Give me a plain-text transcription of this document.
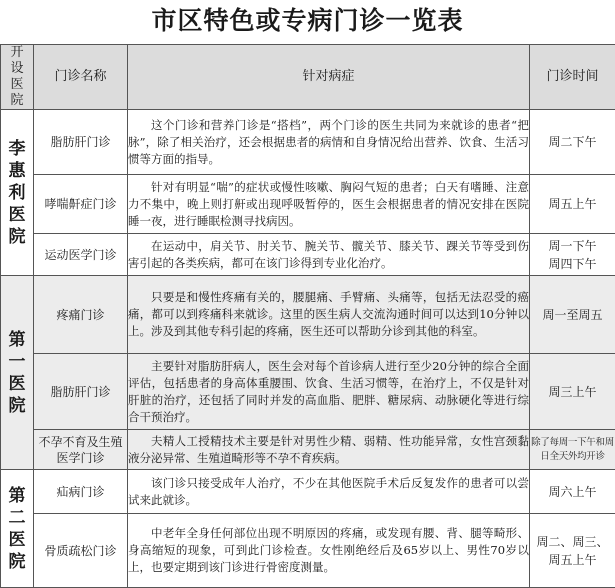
市区特色或专病门诊一览表
开设医院	门诊名称	针对病症	门诊时间
李惠利医院	脂肪肝门诊	这个门诊和营养门诊是“搭档”，两个门诊的医生共同为来就诊的患者“把脉”，除了相关治疗，还会根据患者的病情和自身情况给出营养、饮食、生活习惯等方面的指导。	周二下午
	哮喘鼾症门诊	针对有明显“喘”的症状或慢性咳嗽、胸闷气短的患者；白天有嗜睡、注意力不集中，晚上则打鼾或出现呼吸暂停的，医生会根据患者的情况安排在医院睡一夜，进行睡眠检测寻找病因。	周五上午
	运动医学门诊	在运动中，肩关节、肘关节、腕关节、髋关节、膝关节、踝关节等受到伤害引起的各类疾病，都可在该门诊得到专业化治疗。	周一下午 周四下午
第一医院	疼痛门诊	只要是和慢性疼痛有关的，腰腿痛、手臂痛、头痛等，包括无法忍受的癌痛，都可以到疼痛科来就诊。这里的医生病人交流沟通时间可以达到10分钟以上。涉及到其他专科引起的疼痛，医生还可以帮助分诊到其他的科室。	周一至周五
	脂肪肝门诊	主要针对脂肪肝病人，医生会对每个首诊病人进行至少20分钟的综合全面评估，包括患者的身高体重腰围、饮食、生活习惯等，在治疗上，不仅是针对肝脏的治疗，还包括了同时并发的高血脂、肥胖、糖尿病、动脉硬化等进行综合干预治疗。	周三上午
	不孕不育及生殖医学门诊	夫精人工授精技术主要是针对男性少精、弱精、性功能异常，女性宫颈黏液分泌异常、生殖道畸形等不孕不育疾病。	除了每周一下午和周日全天外均开诊
第二医院	疝病门诊	该门诊只接受成年人治疗，不少在其他医院手术后反复发作的患者可以尝试来此就诊。	周六上午
	骨质疏松门诊	中老年全身任何部位出现不明原因的疼痛，或发现有腰、背、腿等畸形、身高缩短的现象，可到此门诊检查。女性刚绝经后及65岁以上、男性70岁以上，也要定期到该门诊进行骨密度测量。	周二、周三、周五上午
